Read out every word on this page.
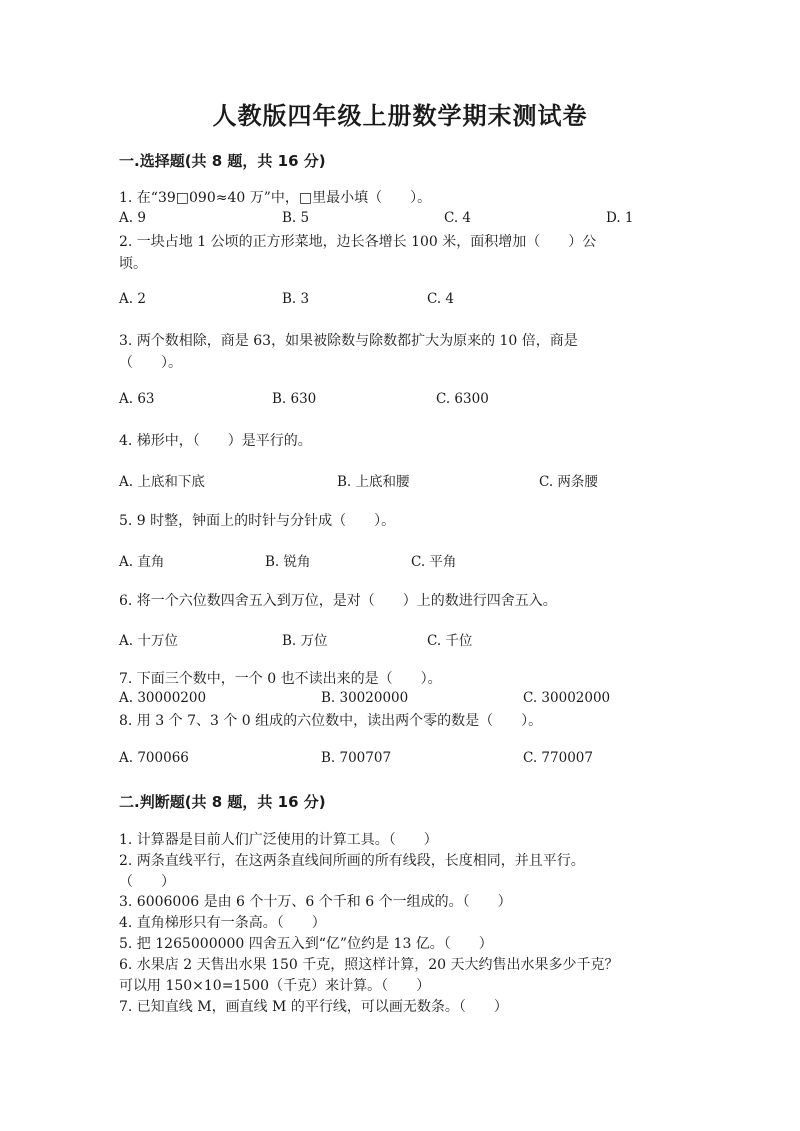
人教版四年级上册数学期末测试卷
一.选择题(共 8 题，共 16 分)
1. 在“39□090≈40 万”中，□里最小填（　　）。
A. 9	B. 5	C. 4	D. 1
2. 一块占地 1 公顷的正方形菜地，边长各增长 100 米，面积增加（　　）公
顷。
A. 2	B. 3	C. 4
3. 两个数相除，商是 63，如果被除数与除数都扩大为原来的 10 倍，商是
（　　）。
A. 63	B. 630	C. 6300
4. 梯形中，（　　）是平行的。
A. 上底和下底	B. 上底和腰	C. 两条腰
5. 9 时整，钟面上的时针与分针成（　　）。
A. 直角	B. 锐角	C. 平角
6. 将一个六位数四舍五入到万位，是对（　　）上的数进行四舍五入。
A. 十万位	B. 万位	C. 千位
7. 下面三个数中，一个 0 也不读出来的是（　　）。
A. 30000200	B. 30020000	C. 30002000
8. 用 3 个 7、3 个 0 组成的六位数中，读出两个零的数是（　　）。
A. 700066	B. 700707	C. 770007
二.判断题(共 8 题，共 16 分)
1. 计算器是目前人们广泛使用的计算工具。（　　）
2. 两条直线平行，在这两条直线间所画的所有线段，长度相同，并且平行。
（　　）
3. 6006006 是由 6 个十万、6 个千和 6 个一组成的。（　　）
4. 直角梯形只有一条高。（　　）
5. 把 1265000000 四舍五入到“亿”位约是 13 亿。（　　）
6. 水果店 2 天售出水果 150 千克，照这样计算，20 天大约售出水果多少千克？
可以用 150×10=1500（千克）来计算。（　　）
7. 已知直线 M，画直线 M 的平行线，可以画无数条。（　　）
